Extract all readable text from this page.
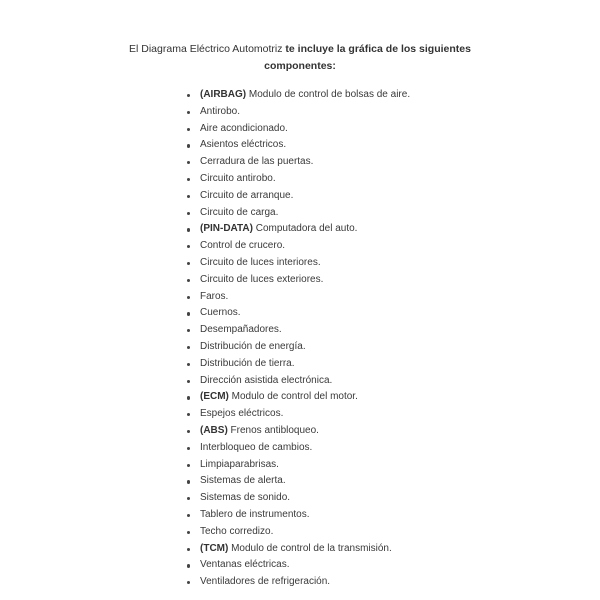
El Diagrama Eléctrico Automotriz te incluye la gráfica de los siguientes
componentes:
(AIRBAG) Modulo de control de bolsas de aire.
Antirobo.
Aire acondicionado.
Asientos eléctricos.
Cerradura de las puertas.
Circuito antirobo.
Circuito de arranque.
Circuito de carga.
(PIN-DATA) Computadora del auto.
Control de crucero.
Circuito de luces interiores.
Circuito de luces exteriores.
Faros.
Cuernos.
Desempañadores.
Distribución de energía.
Distribución de tierra.
Dirección asistida electrónica.
(ECM) Modulo de control del motor.
Espejos eléctricos.
(ABS) Frenos antibloqueo.
Interbloqueo de cambios.
Limpiaparabrisas.
Sistemas de alerta.
Sistemas de sonido.
Tablero de instrumentos.
Techo corredizo.
(TCM) Modulo de control de la transmisión.
Ventanas eléctricas.
Ventiladores de refrigeración.
